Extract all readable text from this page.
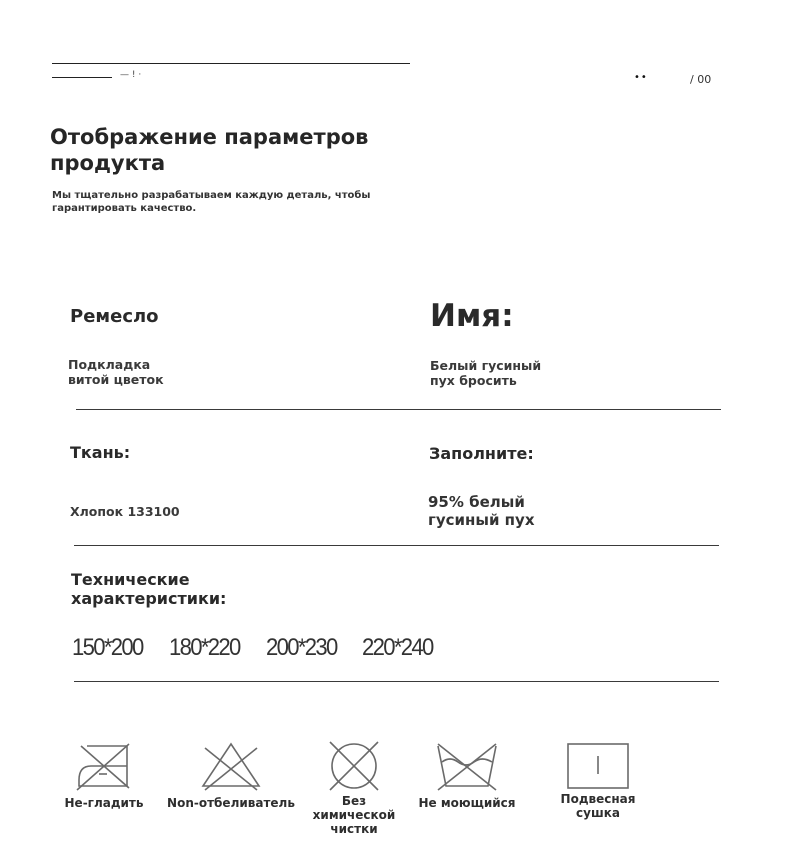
— ! ·	••	/ 00
Отображение параметров продукта
Мы тщательно разрабатываем каждую деталь, чтобы гарантировать качество.
Ремесло
Подкладка витой цветок
Имя:
Белый гусиный пух бросить
Ткань:
Хлопок 133100
Заполните:
95% белый гусиный пух
Технические характеристики:
150*200 180*220 200*230 220*240
Не-гладить	Non-отбеливатель	Без химической чистки
Не моющийся	Подвесная сушка
